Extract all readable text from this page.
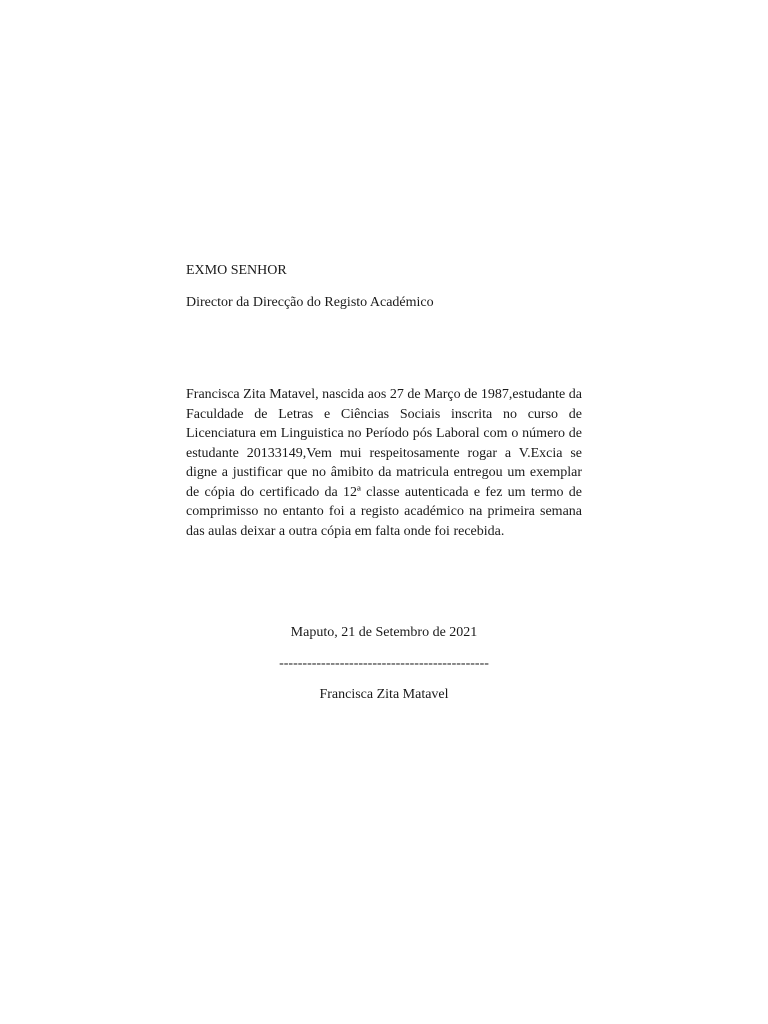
EXMO SENHOR

Director da Direcção do Registo Académico

Francisca Zita Matavel, nascida aos 27 de Março de 1987,estudante da Faculdade de Letras e Ciências Sociais inscrita no curso de Licenciatura em Linguistica no Período pós Laboral com o número de estudante 20133149,Vem mui respeitosamente rogar a V.Excia se digne a justificar que no âmibito da matricula entregou um exemplar de cópia do certificado da 12ª classe autenticada e fez um termo de comprimisso no entanto foi a registo académico na primeira semana das aulas deixar a outra cópia em falta onde foi recebida.

Maputo, 21 de Setembro de 2021

---------------------------------------------

Francisca Zita Matavel
